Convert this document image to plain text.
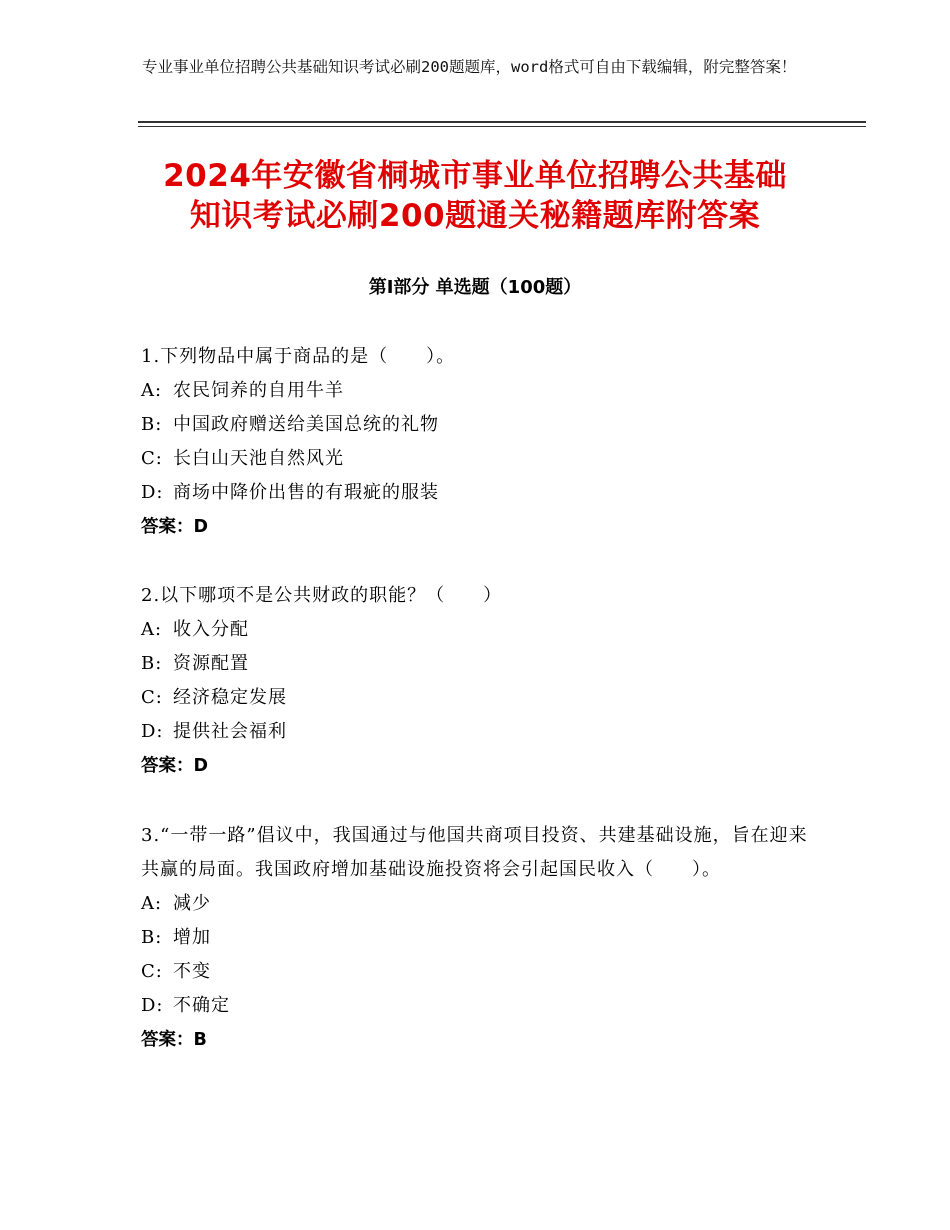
专业事业单位招聘公共基础知识考试必刷200题题库，word格式可自由下载编辑，附完整答案！
2024年安徽省桐城市事业单位招聘公共基础
知识考试必刷200题通关秘籍题库附答案
第Ⅰ部分 单选题（100题）

1.下列物品中属于商品的是（　　）。

A: 农民饲养的自用牛羊

B: 中国政府赠送给美国总统的礼物

C: 长白山天池自然风光

D: 商场中降价出售的有瑕疵的服装

答案：D

2.以下哪项不是公共财政的职能？（　　）

A: 收入分配

B: 资源配置

C: 经济稳定发展

D: 提供社会福利

答案：D

3.“一带一路”倡议中，我国通过与他国共商项目投资、共建基础设施，旨在迎来共赢的局面。我国政府增加基础设施投资将会引起国民收入（　　）。

A: 减少

B: 增加

C: 不变

D: 不确定

答案：B
